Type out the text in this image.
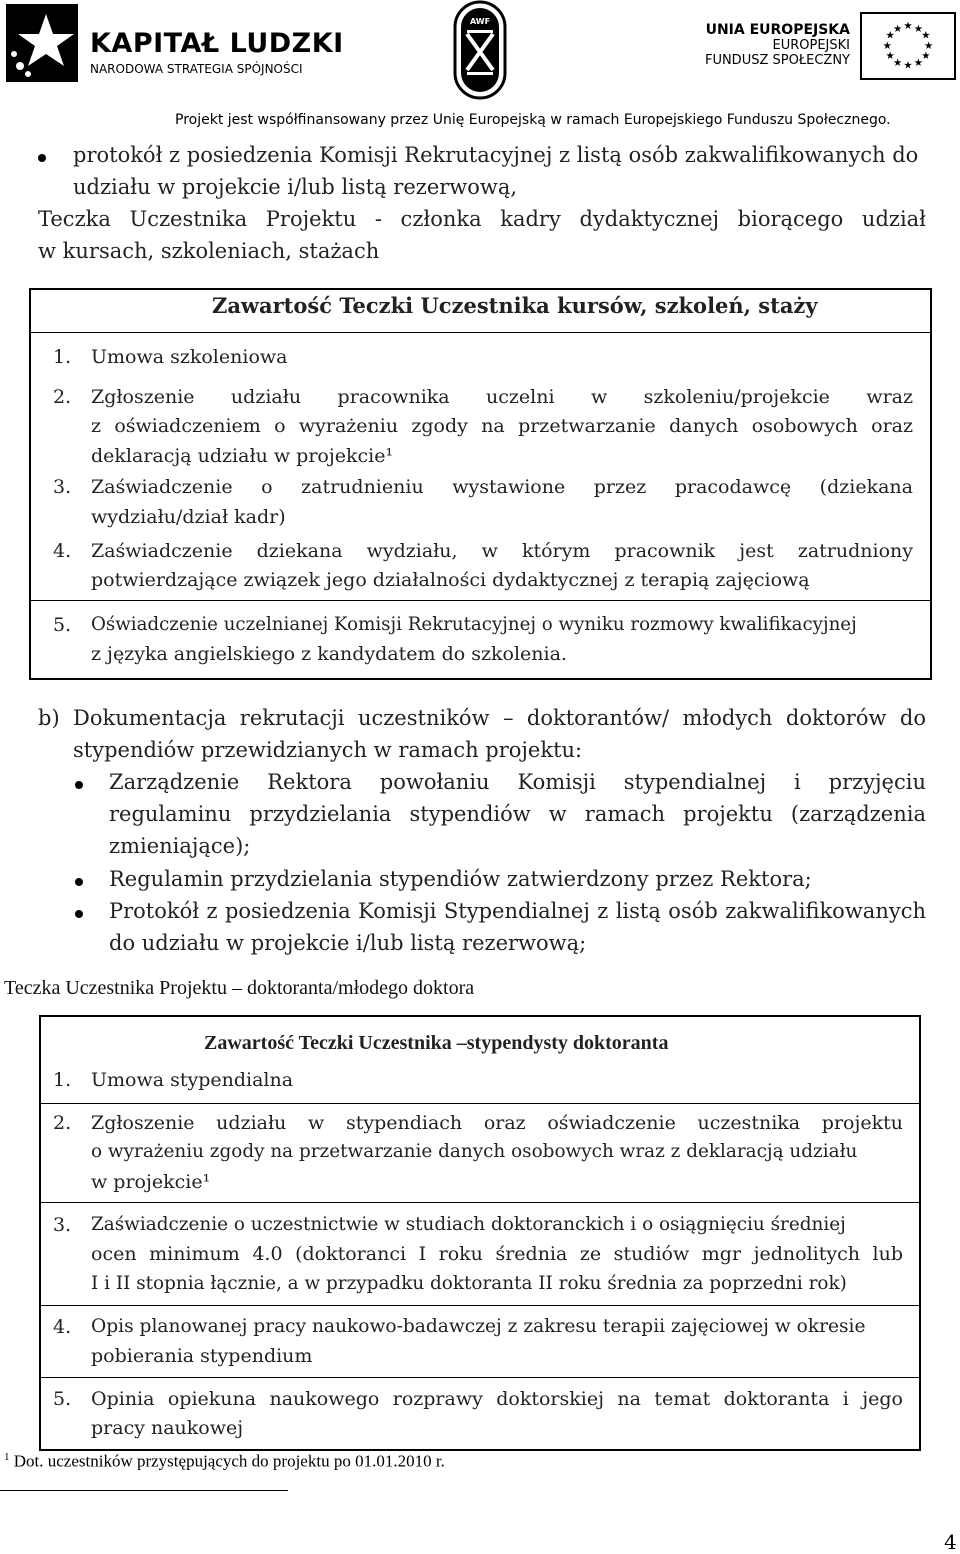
KAPITAŁ LUDZKI
NARODOWA STRATEGIA SPÓJNOŚCI
AWF
UNIA EUROPEJSKA
EUROPEJSKI
FUNDUSZ SPOŁECZNY
★ ★
★
★
★
★
★
★
★
★
★
★
Projekt jest współfinansowany przez Unię Europejską w ramach Europejskiego Funduszu Społecznego.
protokół z posiedzenia Komisji Rekrutacyjnej z listą osób zakwalifikowanych do
udziału w projekcie i/lub listą rezerwową,
Teczka Uczestnika Projektu - członka kadry dydaktycznej biorącego udział
w kursach, szkoleniach, stażach
Zawartość Teczki Uczestnika kursów, szkoleń, staży
1. Umowa szkoleniowa
2. Zgłoszenie udziału pracownika uczelni w szkoleniu/projekcie wraz
z oświadczeniem o wyrażeniu zgody na przetwarzanie danych osobowych oraz
deklaracją udziału w projekcie¹
3. Zaświadczenie o zatrudnieniu wystawione przez pracodawcę (dziekana
wydziału/dział kadr)
4. Zaświadczenie dziekana wydziału, w którym pracownik jest zatrudniony
potwierdzające związek jego działalności dydaktycznej z terapią zajęciową
5. Oświadczenie uczelnianej Komisji Rekrutacyjnej o wyniku rozmowy kwalifikacyjnej
z języka angielskiego z kandydatem do szkolenia.
b) Dokumentacja rekrutacji uczestników – doktorantów/ młodych doktorów do
stypendiów przewidzianych w ramach projektu:
Zarządzenie Rektora powołaniu Komisji stypendialnej i przyjęciu
regulaminu przydzielania stypendiów w ramach projektu (zarządzenia
zmieniające);
Regulamin przydzielania stypendiów zatwierdzony przez Rektora;
Protokół z posiedzenia Komisji Stypendialnej z listą osób zakwalifikowanych
do udziału w projekcie i/lub listą rezerwową;
Teczka Uczestnika Projektu – doktoranta/młodego doktora
Zawartość Teczki Uczestnika –stypendysty doktoranta
1. Umowa stypendialna
2. Zgłoszenie udziału w stypendiach oraz oświadczenie uczestnika projektu
o wyrażeniu zgody na przetwarzanie danych osobowych wraz z deklaracją udziału
w projekcie¹
3. Zaświadczenie o uczestnictwie w studiach doktoranckich i o osiągnięciu średniej
ocen minimum 4.0 (doktoranci I roku średnia ze studiów mgr jednolitych lub
I i II stopnia łącznie, a w przypadku doktoranta II roku średnia za poprzedni rok)
4. Opis planowanej pracy naukowo-badawczej z zakresu terapii zajęciowej w okresie
pobierania stypendium
5. Opinia opiekuna naukowego rozprawy doktorskiej na temat doktoranta i jego
pracy naukowej
$^1$ Dot. uczestników przystępujących do projektu po 01.01.2010 r.
4
